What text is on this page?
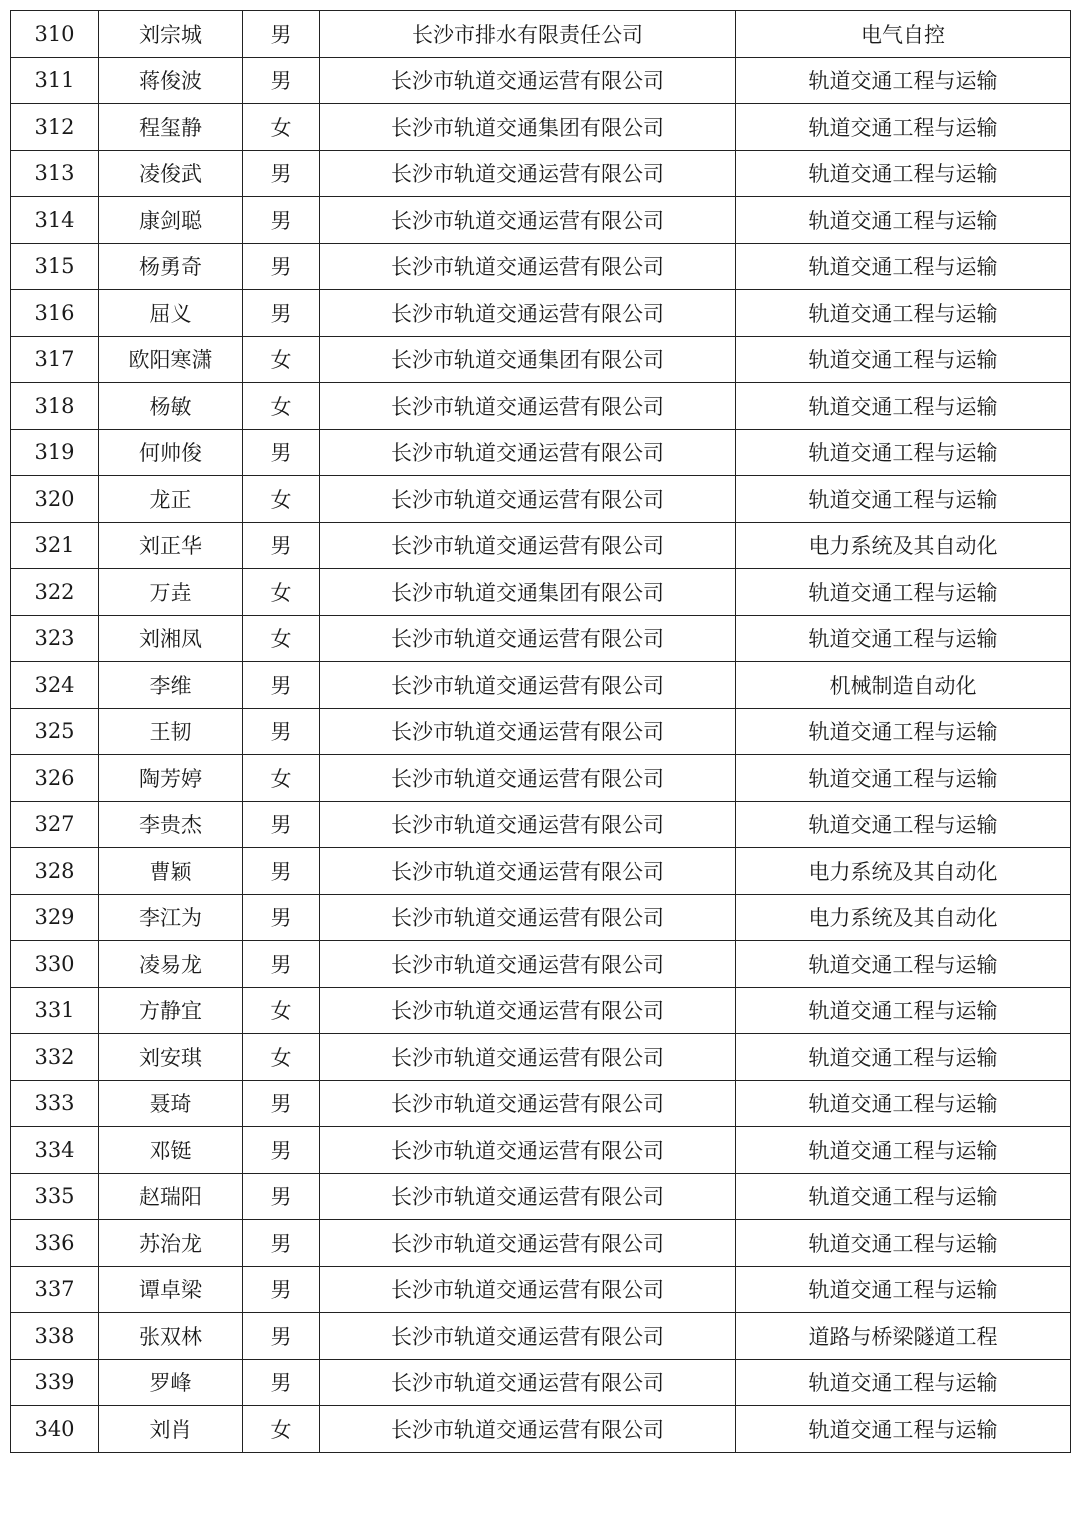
310	刘宗城	男	长沙市排水有限责任公司	电气自控
311	蒋俊波	男	长沙市轨道交通运营有限公司	轨道交通工程与运输
312	程玺静	女	长沙市轨道交通集团有限公司	轨道交通工程与运输
313	凌俊武	男	长沙市轨道交通运营有限公司	轨道交通工程与运输
314	康剑聪	男	长沙市轨道交通运营有限公司	轨道交通工程与运输
315	杨勇奇	男	长沙市轨道交通运营有限公司	轨道交通工程与运输
316	屈义	男	长沙市轨道交通运营有限公司	轨道交通工程与运输
317	欧阳寒潇	女	长沙市轨道交通集团有限公司	轨道交通工程与运输
318	杨敏	女	长沙市轨道交通运营有限公司	轨道交通工程与运输
319	何帅俊	男	长沙市轨道交通运营有限公司	轨道交通工程与运输
320	龙正	女	长沙市轨道交通运营有限公司	轨道交通工程与运输
321	刘正华	男	长沙市轨道交通运营有限公司	电力系统及其自动化
322	万垚	女	长沙市轨道交通集团有限公司	轨道交通工程与运输
323	刘湘凤	女	长沙市轨道交通运营有限公司	轨道交通工程与运输
324	李维	男	长沙市轨道交通运营有限公司	机械制造自动化
325	王韧	男	长沙市轨道交通运营有限公司	轨道交通工程与运输
326	陶芳婷	女	长沙市轨道交通运营有限公司	轨道交通工程与运输
327	李贵杰	男	长沙市轨道交通运营有限公司	轨道交通工程与运输
328	曹颖	男	长沙市轨道交通运营有限公司	电力系统及其自动化
329	李江为	男	长沙市轨道交通运营有限公司	电力系统及其自动化
330	凌易龙	男	长沙市轨道交通运营有限公司	轨道交通工程与运输
331	方静宜	女	长沙市轨道交通运营有限公司	轨道交通工程与运输
332	刘安琪	女	长沙市轨道交通运营有限公司	轨道交通工程与运输
333	聂琦	男	长沙市轨道交通运营有限公司	轨道交通工程与运输
334	邓铤	男	长沙市轨道交通运营有限公司	轨道交通工程与运输
335	赵瑞阳	男	长沙市轨道交通运营有限公司	轨道交通工程与运输
336	苏治龙	男	长沙市轨道交通运营有限公司	轨道交通工程与运输
337	谭卓梁	男	长沙市轨道交通运营有限公司	轨道交通工程与运输
338	张双林	男	长沙市轨道交通运营有限公司	道路与桥梁隧道工程
339	罗峰	男	长沙市轨道交通运营有限公司	轨道交通工程与运输
340	刘肖	女	长沙市轨道交通运营有限公司	轨道交通工程与运输
